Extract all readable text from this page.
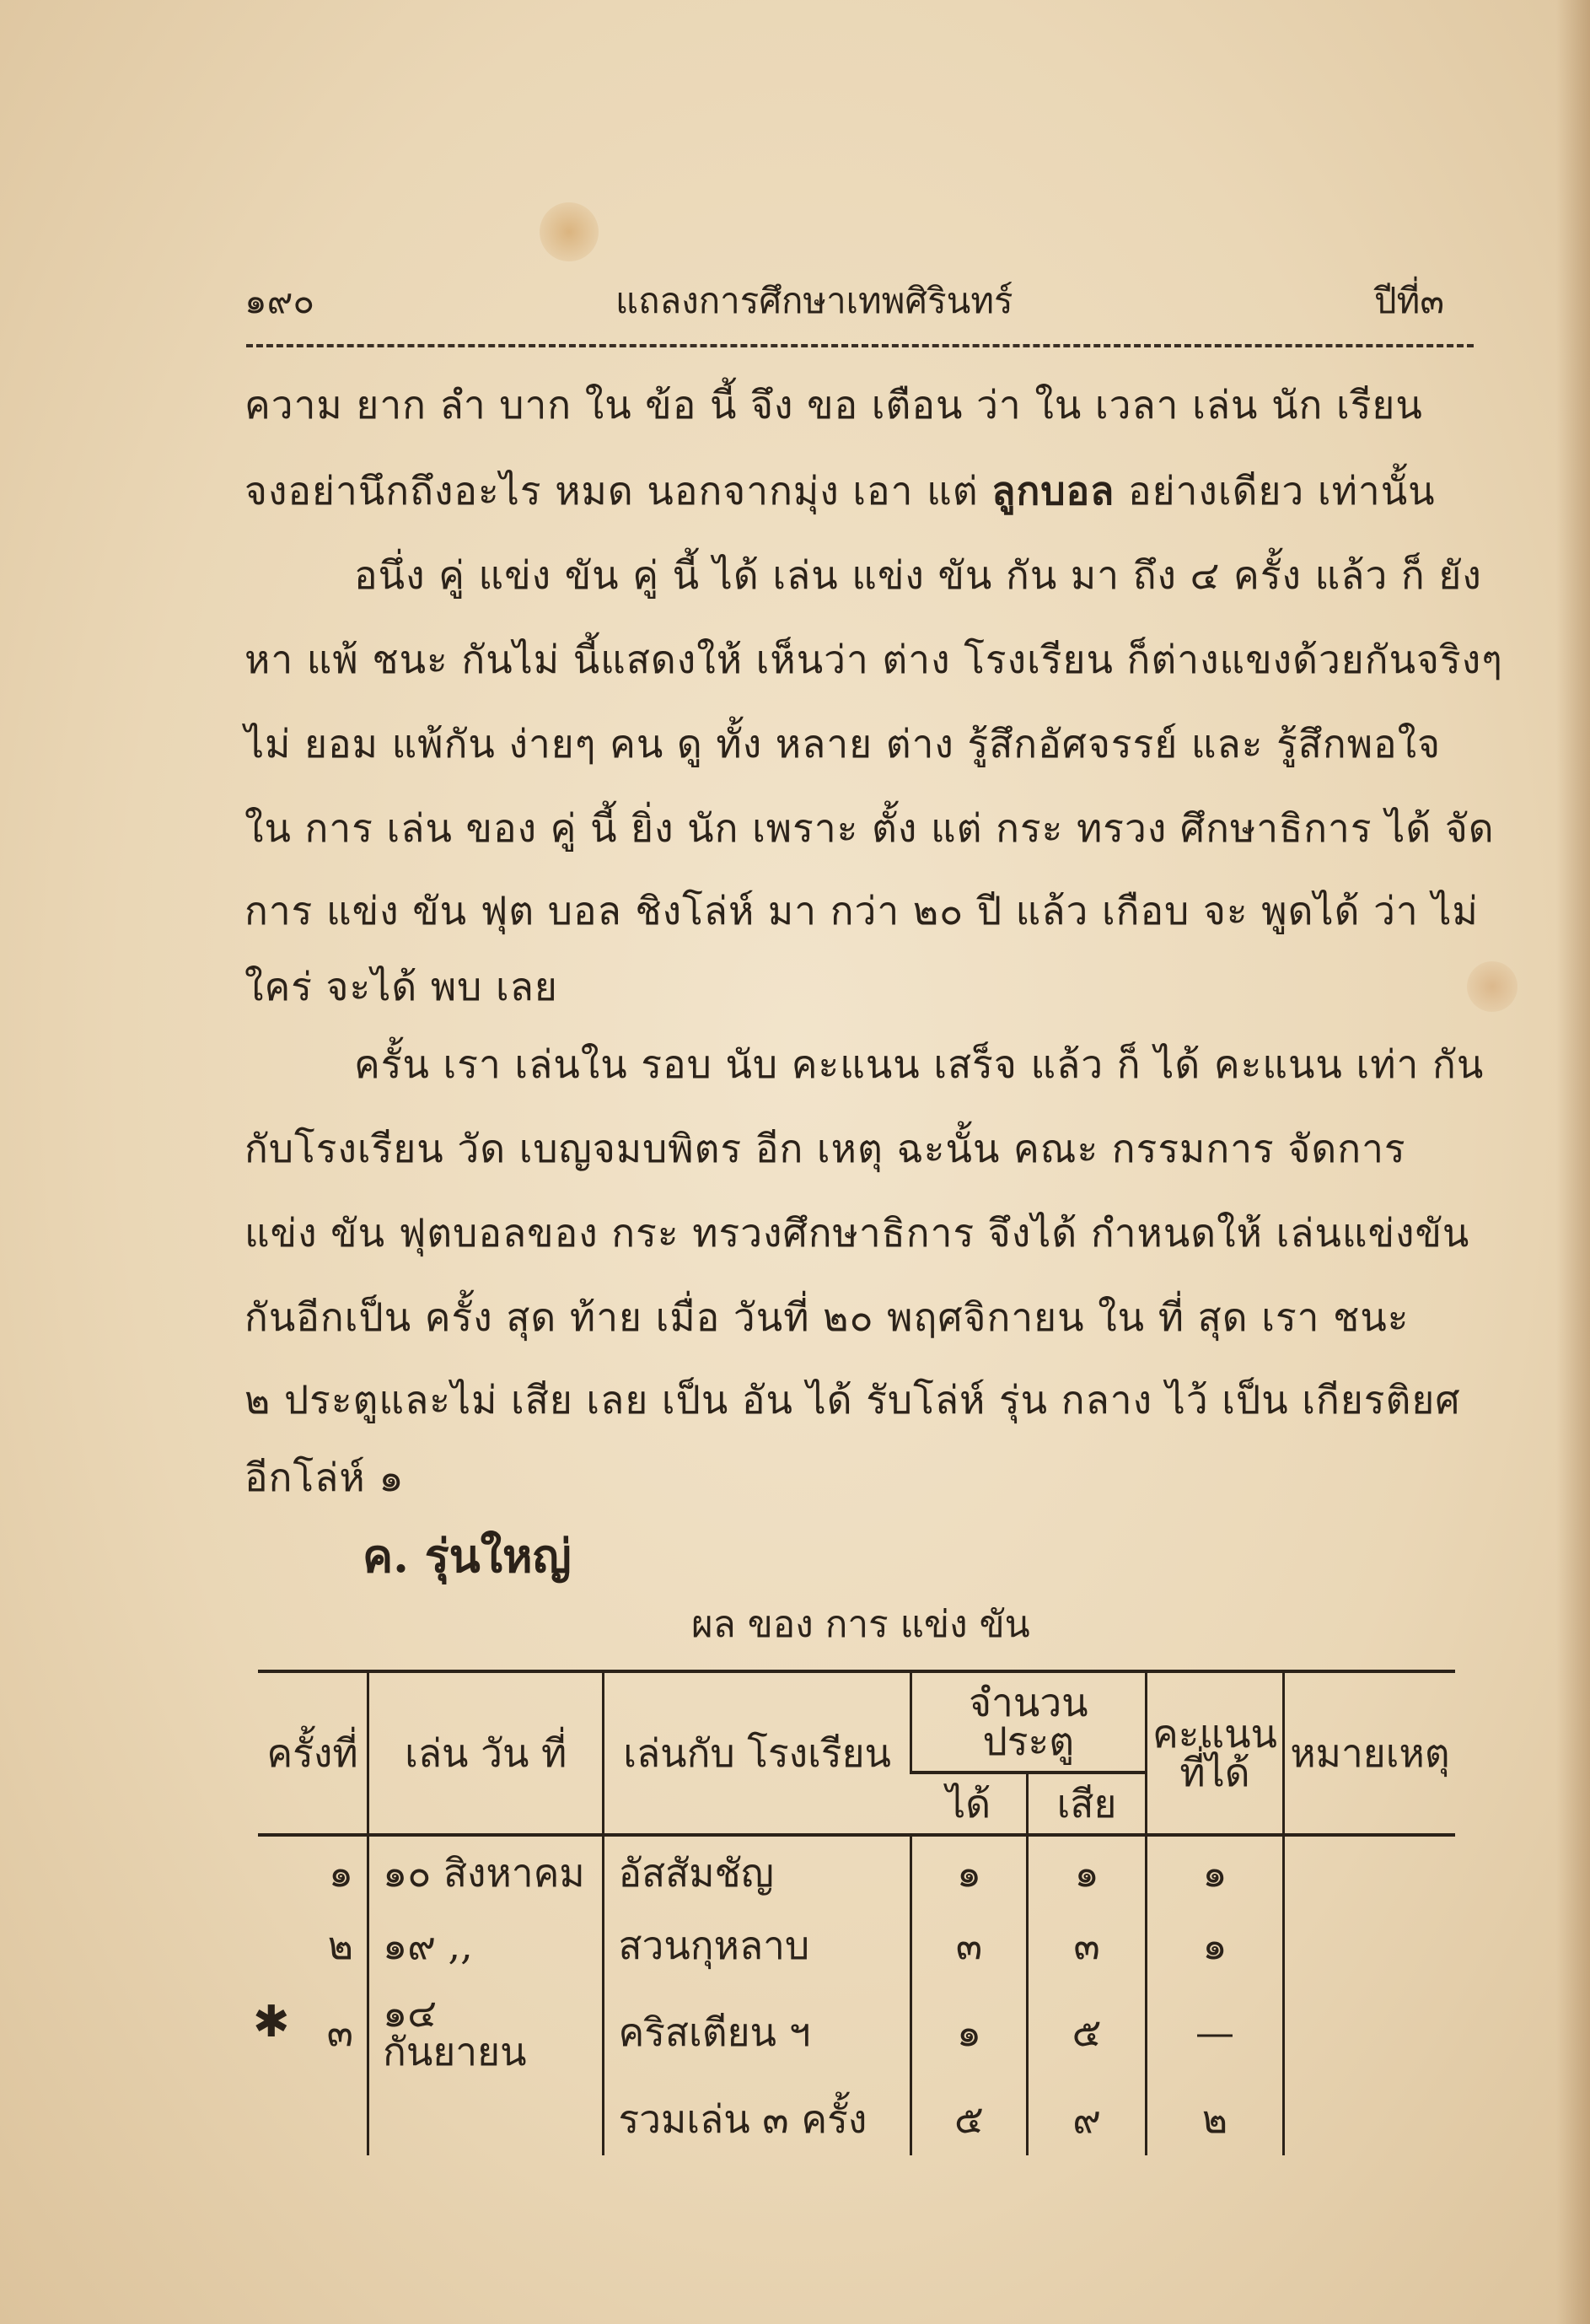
๑๙๐	แถลงการศึกษาเทพศิรินทร์	ปีที่๓
ความ ยาก ลำ บาก ใน ข้อ นี้ จึง ขอ เตือน ว่า ใน เวลา เล่น นัก เรียน
จงอย่านึกถึงอะไร หมด นอกจากมุ่ง เอา แต่ ลูกบอล อย่างเดียว เท่านั้น
อนึ่ง คู่ แข่ง ขัน คู่ นี้ ได้ เล่น แข่ง ขัน กัน มา ถึง ๔ ครั้ง แล้ว ก็ ยัง
หา แพ้ ชนะ กันไม่ นี้แสดงให้ เห็นว่า ต่าง โรงเรียน ก็ต่างแขงด้วยกันจริงๆ
ไม่ ยอม แพ้กัน ง่ายๆ คน ดู ทั้ง หลาย ต่าง รู้สึกอัศจรรย์ และ รู้สึกพอใจ
ใน การ เล่น ของ คู่ นี้ ยิ่ง นัก เพราะ ตั้ง แต่ กระ ทรวง ศึกษาธิการ ได้ จัด
การ แข่ง ขัน ฟุต บอล ชิงโล่ห์ มา กว่า ๒๐ ปี แล้ว เกือบ จะ พูดได้ ว่า ไม่
ใคร่ จะได้ พบ เลย
ครั้น เรา เล่นใน รอบ นับ คะแนน เสร็จ แล้ว ก็ ได้ คะแนน เท่า กัน
กับโรงเรียน วัด เบญจมบพิตร อีก เหตุ ฉะนั้น คณะ กรรมการ จัดการ
แข่ง ขัน ฟุตบอลของ กระ ทรวงศึกษาธิการ จึงได้ กำหนดให้ เล่นแข่งขัน
กันอีกเป็น ครั้ง สุด ท้าย เมื่อ วันที่ ๒๐ พฤศจิกายน ใน ที่ สุด เรา ชนะ
๒ ประตูและไม่ เสีย เลย เป็น อัน ได้ รับโล่ห์ รุ่น กลาง ไว้ เป็น เกียรติยศ
อีกโล่ห์ ๑
ค. รุ่นใหญ่
ผล ของ การ แข่ง ขัน
✱
ครั้งที่	เล่น วัน ที่	เล่นกับ โรงเรียน	จำนวน ประตู		คะแนน ที่ได้	หมายเหตุ
			ได้	เสีย		
๑	๑๐ สิงหาคม	อัสสัมชัญ	๑	๑	๑	
๒	๑๙ ,,	สวนกุหลาบ	๓	๓	๑	
๓	๑๔ กันยายน	คริสเตียน ฯ	๑	๕	—	
		รวมเล่น ๓ ครั้ง	๕	๙	๒	
